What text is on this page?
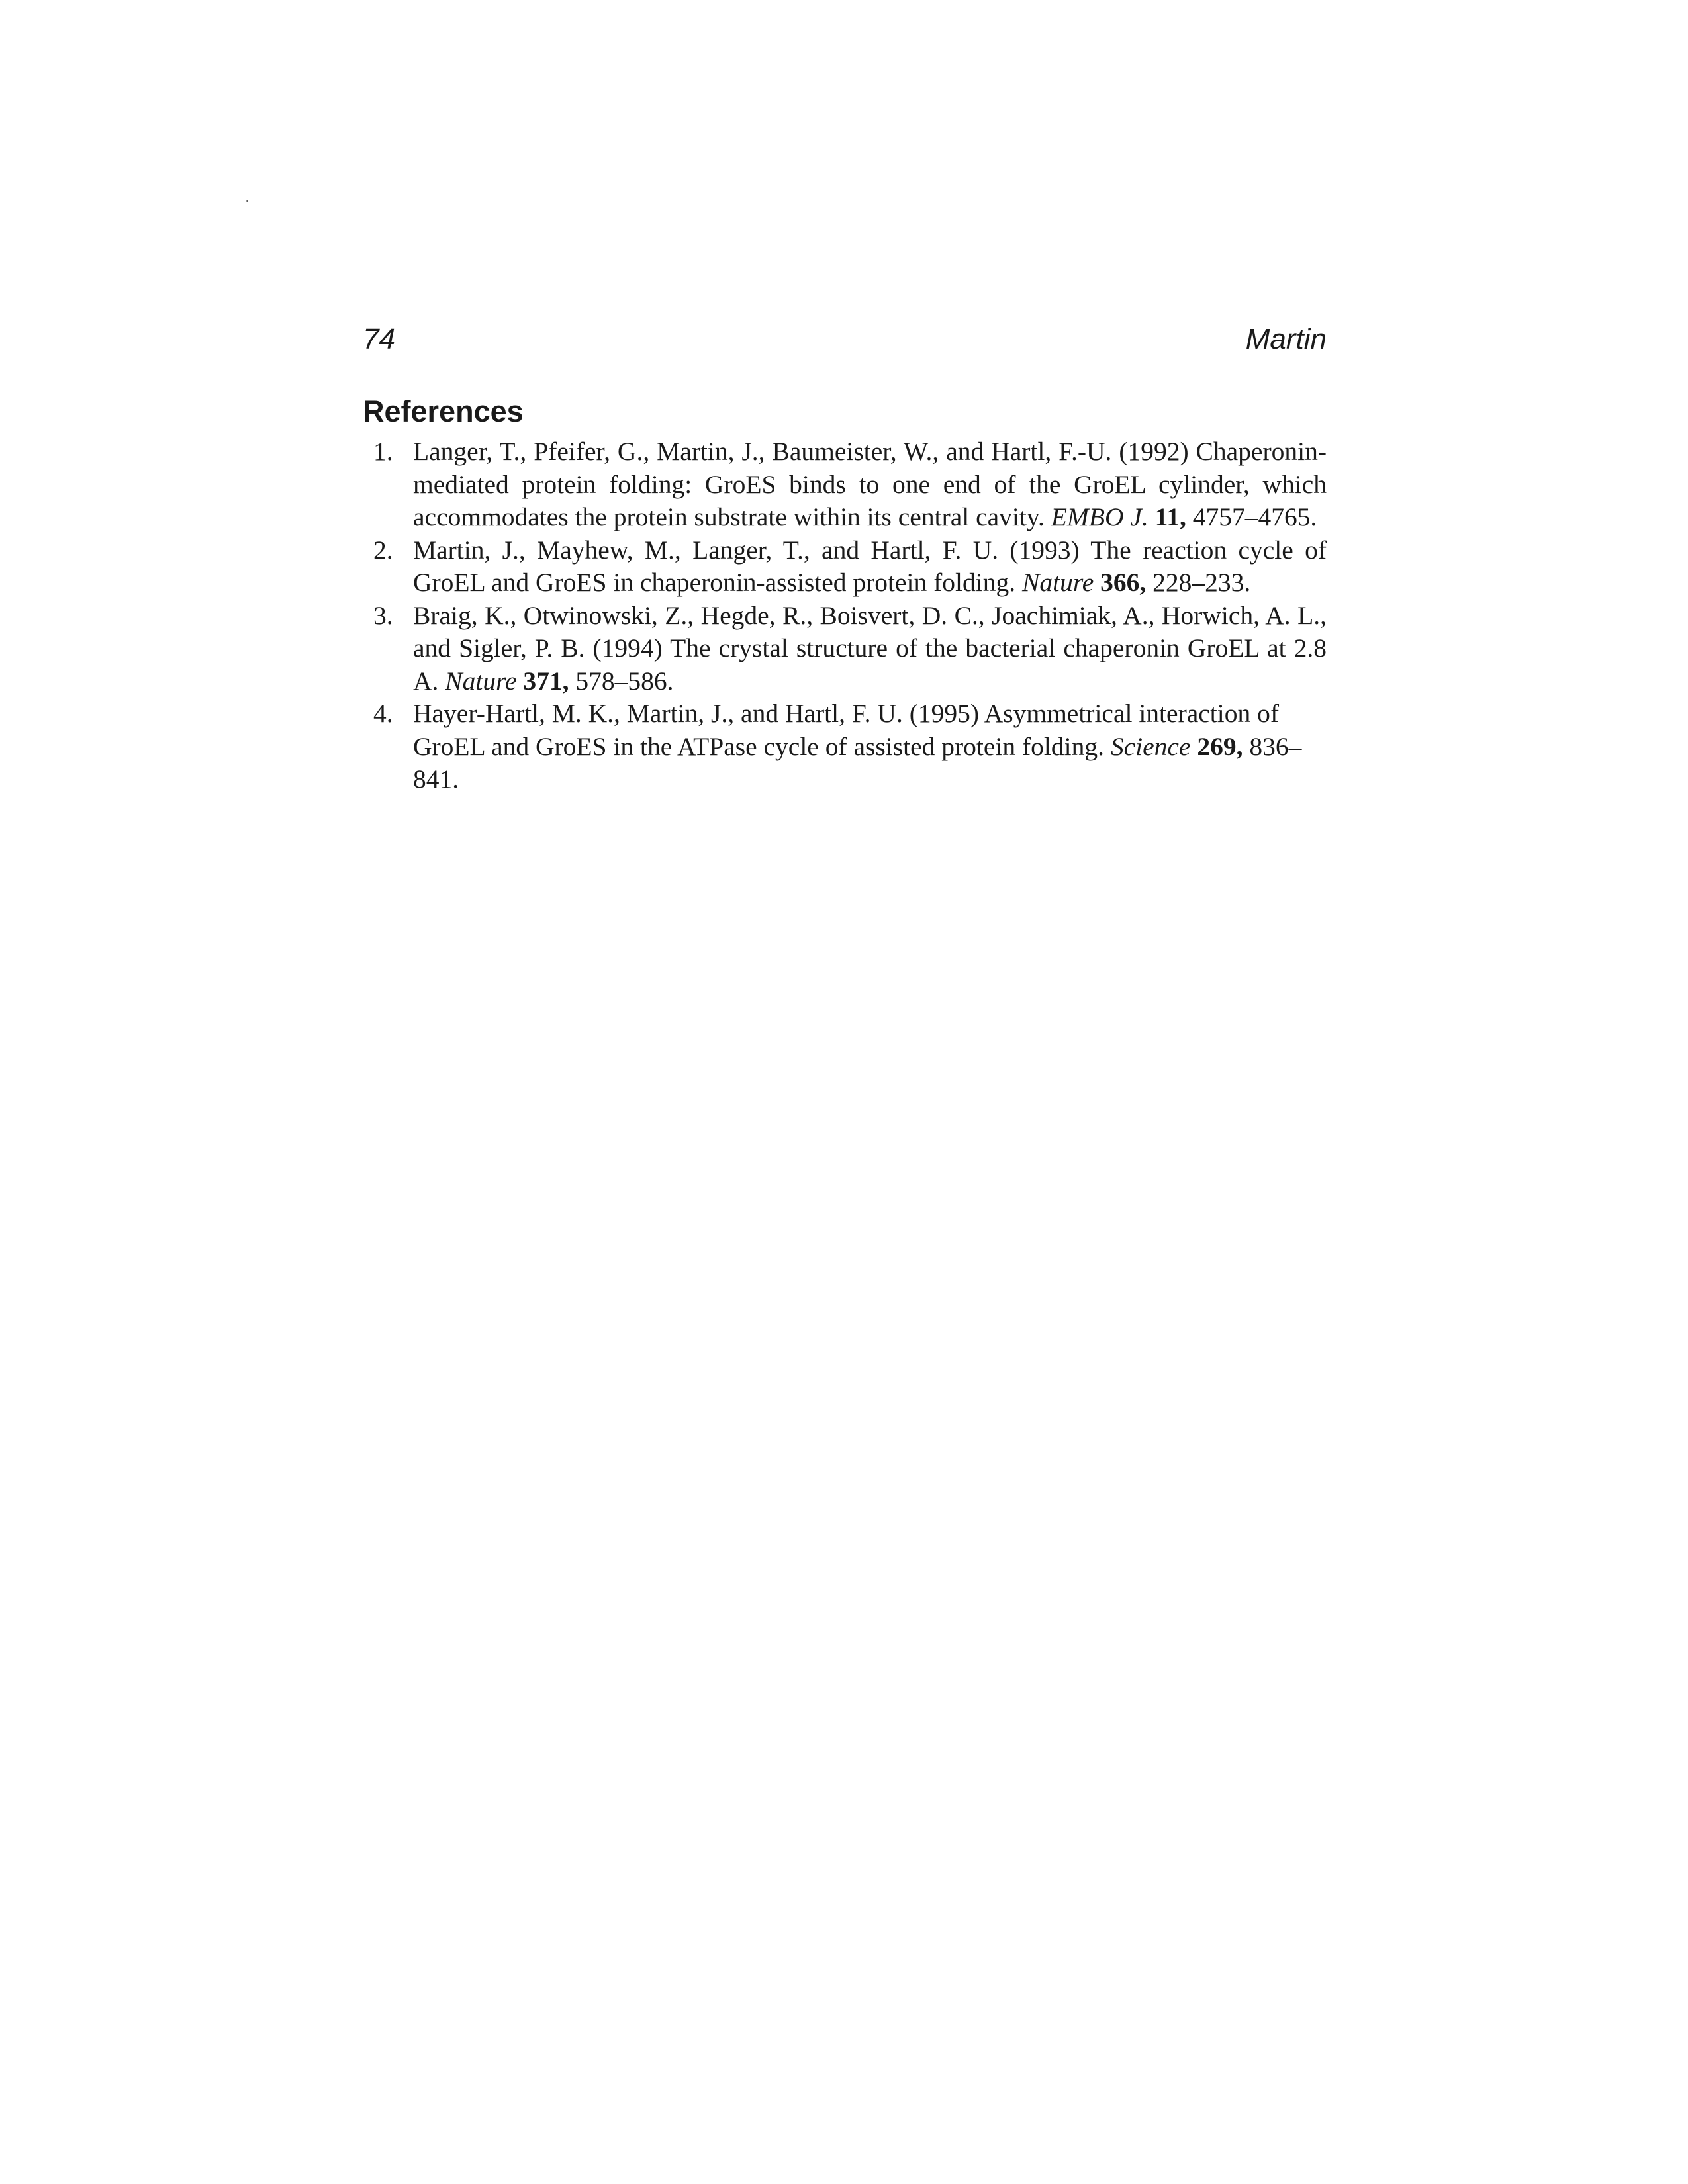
74	Martin
References
1. Langer, T., Pfeifer, G., Martin, J., Baumeister, W., and Hartl, F.-U. (1992) Chaperonin-mediated protein folding: GroES binds to one end of the GroEL cylinder, which accommodates the protein substrate within its central cavity. EMBO J. 11, 4757–4765.
2. Martin, J., Mayhew, M., Langer, T., and Hartl, F. U. (1993) The reaction cycle of GroEL and GroES in chaperonin-assisted protein folding. Nature 366, 228–233.
3. Braig, K., Otwinowski, Z., Hegde, R., Boisvert, D. C., Joachimiak, A., Horwich, A. L., and Sigler, P. B. (1994) The crystal structure of the bacterial chaperonin GroEL at 2.8 A. Nature 371, 578–586.
4. Hayer-Hartl, M. K., Martin, J., and Hartl, F. U. (1995) Asymmetrical interaction of GroEL and GroES in the ATPase cycle of assisted protein folding. Science 269, 836–841.
